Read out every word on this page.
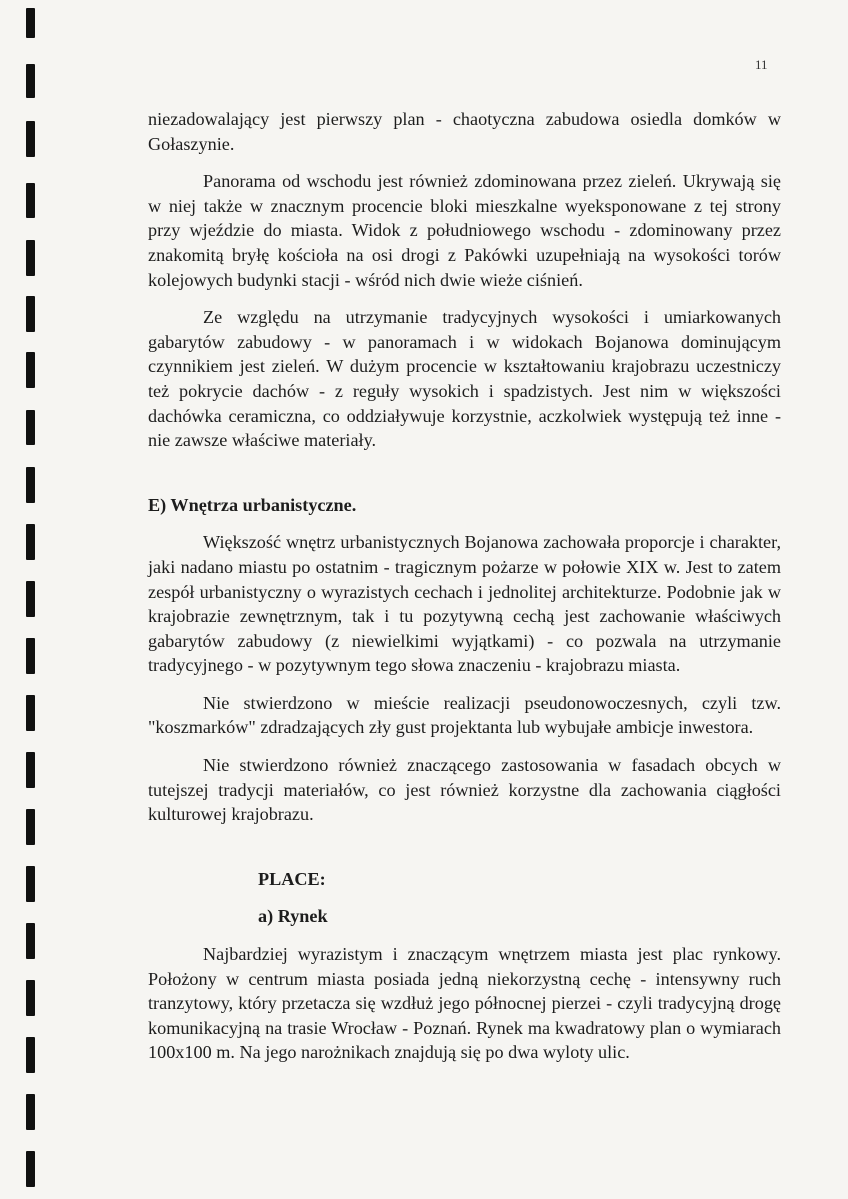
11

niezadowalający jest pierwszy plan - chaotyczna zabudowa osiedla domków w Gołaszynie.

Panorama od wschodu jest również zdominowana przez zieleń. Ukrywają się w niej także w znacznym procencie bloki mieszkalne wyeksponowane z tej strony przy wjeździe do miasta. Widok z południowego wschodu - zdominowany przez znakomitą bryłę kościoła na osi drogi z Pakówki uzupełniają na wysokości torów kolejowych budynki stacji - wśród nich dwie wieże ciśnień.

Ze względu na utrzymanie tradycyjnych wysokości i umiarkowanych gabarytów zabudowy - w panoramach i w widokach Bojanowa dominującym czynnikiem jest zieleń. W dużym procencie w kształtowaniu krajobrazu uczestniczy też pokrycie dachów - z reguły wysokich i spadzistych. Jest nim w większości dachówka ceramiczna, co oddziaływuje korzystnie, aczkolwiek występują też inne - nie zawsze właściwe materiały.

E) Wnętrza urbanistyczne.

Większość wnętrz urbanistycznych Bojanowa zachowała proporcje i charakter, jaki nadano miastu po ostatnim - tragicznym pożarze w połowie XIX w. Jest to zatem zespół urbanistyczny o wyrazistych cechach i jednolitej architekturze. Podobnie jak w krajobrazie zewnętrznym, tak i tu pozytywną cechą jest zachowanie właściwych gabarytów zabudowy (z niewielkimi wyjątkami) - co pozwala na utrzymanie tradycyjnego - w pozytywnym tego słowa znaczeniu - krajobrazu miasta.

Nie stwierdzono w mieście realizacji pseudonowoczesnych, czyli tzw. "koszmarków" zdradzających zły gust projektanta lub wybujałe ambicje inwestora.

Nie stwierdzono również znaczącego zastosowania w fasadach obcych w tutejszej tradycji materiałów, co jest również korzystne dla zachowania ciągłości kulturowej krajobrazu.

PLACE:

a) Rynek

Najbardziej wyrazistym i znaczącym wnętrzem miasta jest plac rynkowy. Położony w centrum miasta posiada jedną niekorzystną cechę - intensywny ruch tranzytowy, który przetacza się wzdłuż jego północnej pierzei - czyli tradycyjną drogę komunikacyjną na trasie Wrocław - Poznań. Rynek ma kwadratowy plan o wymiarach 100x100 m. Na jego narożnikach znajdują się po dwa wyloty ulic.
